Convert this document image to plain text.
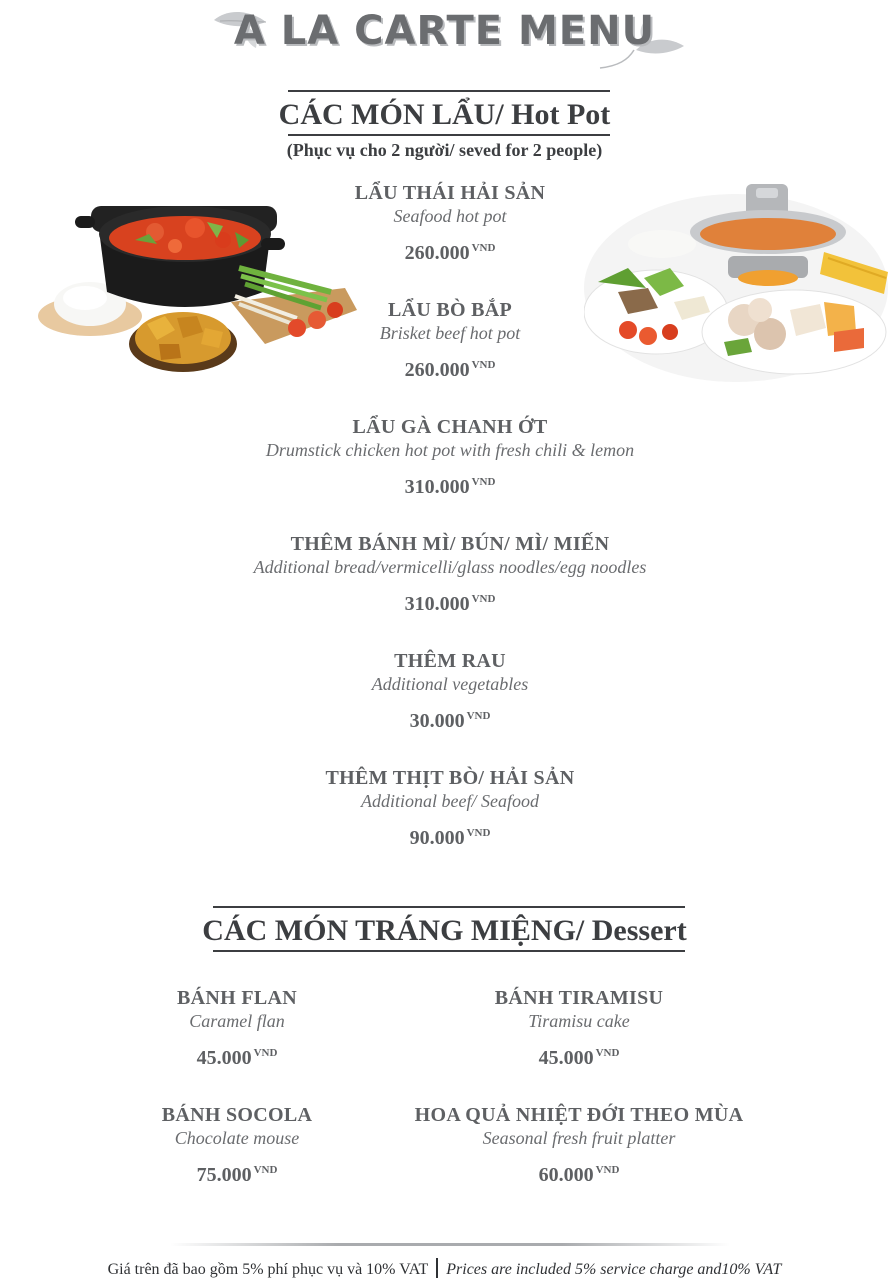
A LA CARTE MENU
CÁC MÓN LẨU/ Hot Pot
(Phục vụ cho 2 người/ seved for 2 people)
LẨU THÁI HẢI SẢN
Seafood hot pot
260.000 $^{VND}$
LẨU BÒ BẮP
Brisket beef hot pot
260.000 $^{VND}$
LẨU GÀ CHANH ỚT
Drumstick chicken hot pot with fresh chili & lemon
310.000 $^{VND}$
THÊM BÁNH MÌ/ BÚN/ MÌ/ MIẾN
Additional bread/vermicelli/glass noodles/egg noodles
310.000 $^{VND}$
THÊM RAU
Additional vegetables
30.000 $^{VND}$
THÊM THỊT BÒ/ HẢI SẢN
Additional beef/ Seafood
90.000 $^{VND}$
CÁC MÓN TRÁNG MIỆNG/ Dessert
BÁNH FLAN
Caramel flan
45.000 $^{VND}$
BÁNH TIRAMISU
Tiramisu cake
45.000 $^{VND}$
BÁNH SOCOLA
Chocolate mouse
75.000 $^{VND}$
HOA QUẢ NHIỆT ĐỚI THEO MÙA
Seasonal fresh fruit platter
60.000 $^{VND}$
Giá trên đã bao gồm 5% phí phục vụ và 10% VAT Prices are included 5% service charge and10% VAT
